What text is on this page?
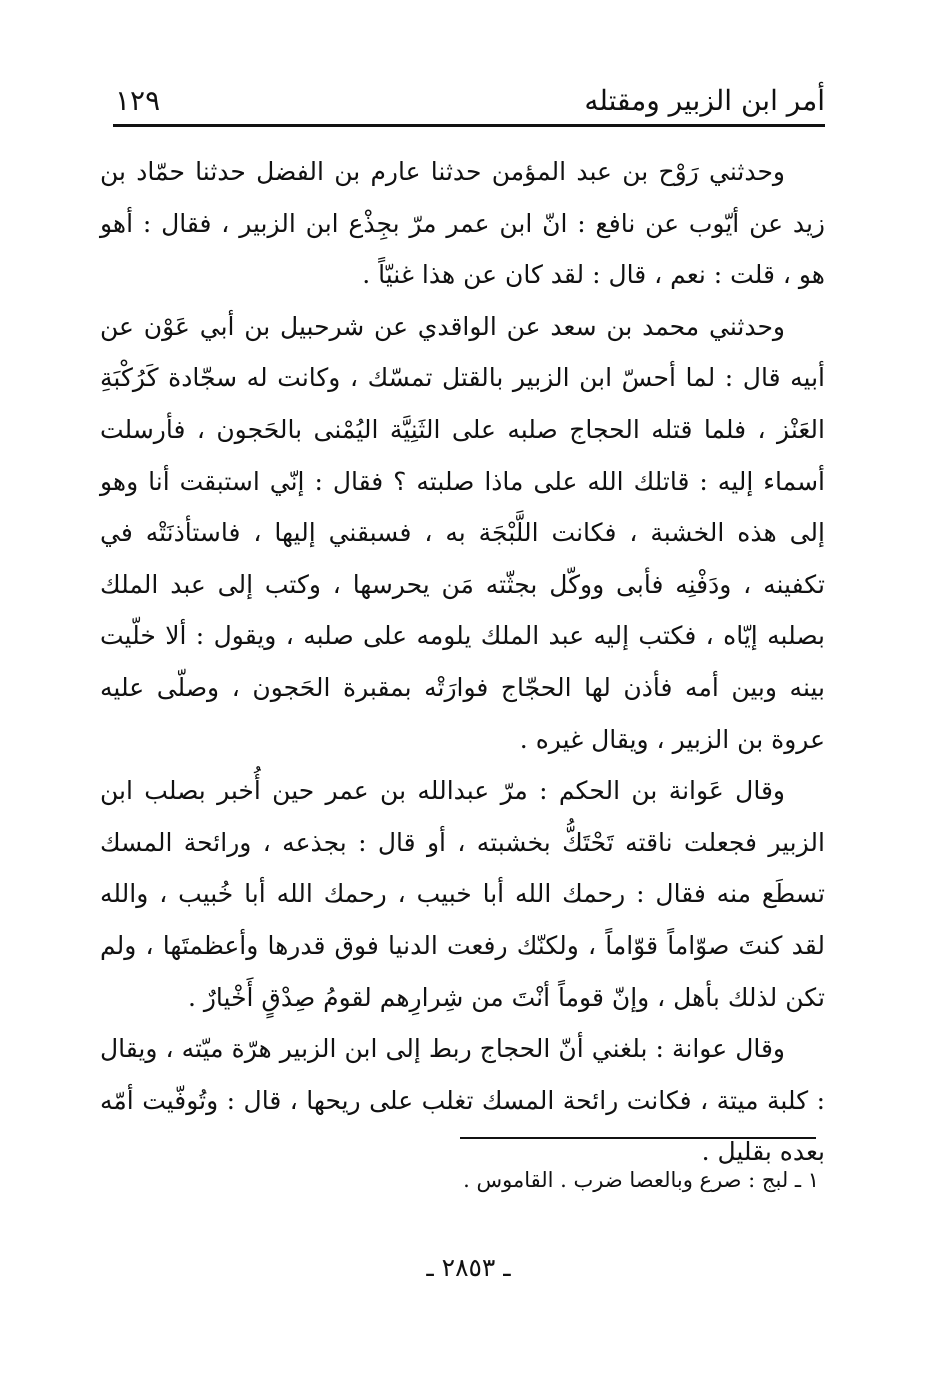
أمر ابن الزبير ومقتله
١٢٩

وحدثني رَوْح بن عبد المؤمن حدثنا عارم بن الفضل حدثنا حمّاد بن زيد عن أيّوب عن نافع : انّ ابن عمر مرّ بجِذْع ابن الزبير ، فقال : أهو هو ، قلت : نعم ، قال : لقد كان عن هذا غنيّاً .

وحدثني محمد بن سعد عن الواقدي عن شرحبيل بن أبي عَوْن عن أبيه قال : لما أحسّ ابن الزبير بالقتل تمسّك ، وكانت له سجّادة كَرُكْبَةِ العَنْز ، فلما قتله الحجاج صلبه على الثَنِيَّة اليُمْنى بالحَجون ، فأرسلت أسماء إليه : قاتلك الله على ماذا صلبته ؟ فقال : إنّي استبقت أنا وهو إلى هذه الخشبة ، فكانت اللَّبْجَة به ، فسبقني إليها ، فاستأذنَتْه في تكفينه ، ودَفْنِه فأبى ووكّل بجثّته مَن يحرسها ، وكتب إلى عبد الملك بصلبه إيّاه ، فكتب إليه عبد الملك يلومه على صلبه ، ويقول : ألا خلّيت بينه وبين أمه فأذن لها الحجّاج فوارَتْه بمقبرة الحَجون ، وصلّى عليه عروة بن الزبير ، ويقال غيره .

وقال عَوانة بن الحكم : مرّ عبدالله بن عمر حين أُخبر بصلب ابن الزبير فجعلت ناقته تَحْتَكُّ بخشبته ، أو قال : بجذعه ، ورائحة المسك تسطَع منه فقال : رحمك الله أبا خبيب ، رحمك الله أبا خُبيب ، والله لقد كنتَ صوّاماً قوّاماً ، ولكنّك رفعت الدنيا فوق قدرها وأعظمتَها ، ولم تكن لذلك بأهل ، وإنّ قوماً أنْتَ من شِرارِهم لقومُ صِدْقٍ أَخْيارٌ .

وقال عوانة : بلغني أنّ الحجاج ربط إلى ابن الزبير هرّة ميّته ، ويقال : كلبة ميتة ، فكانت رائحة المسك تغلب على ريحها ، قال : وتُوفّيت أمّه بعده بقليل .

١ ـ لبج : صرع وبالعصا ضرب . القاموس .
ـ ٢٨٥٣ ـ
